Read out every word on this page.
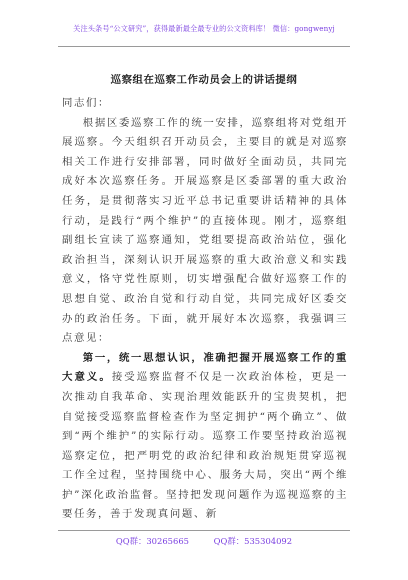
关注头条号“公文研究”，获得最新最全最专业的公文资料库！ 微信：gongwenyj
巡察组在巡察工作动员会上的讲话提纲

同志们：

根据区委巡察工作的统一安排，巡察组将对党组开展巡察。今天组织召开动员会，主要目的就是对巡察相关工作进行安排部署，同时做好全面动员，共同完成好本次巡察任务。开展巡察是区委部署的重大政治任务，是贯彻落实习近平总书记重要讲话精神的具体行动，是践行“两个维护”的直接体现。刚才，巡察组副组长宣读了巡察通知，党组要提高政治站位，强化政治担当，深刻认识开展巡察的重大政治意义和实践意义，恪守党性原则，切实增强配合做好巡察工作的思想自觉、政治自觉和行动自觉，共同完成好区委交办的政治任务。下面，就开展好本次巡察，我强调三点意见：

第一，统一思想认识，准确把握开展巡察工作的重大意义。接受巡察监督不仅是一次政治体检，更是一次推动自我革命、实现治理效能跃升的宝贵契机，把自觉接受巡察监督检查作为坚定拥护“两个确立”、做到“两个维护”的实际行动。巡察工作要坚持政治巡视巡察定位，把严明党的政治纪律和政治规矩贯穿巡视工作全过程，坚持围绕中心、服务大局，突出“两个维护”深化政治监督。坚持把发现问题作为巡视巡察的主要任务，善于发现真问题、新

QQ群：30265665	QQ群：535304092
